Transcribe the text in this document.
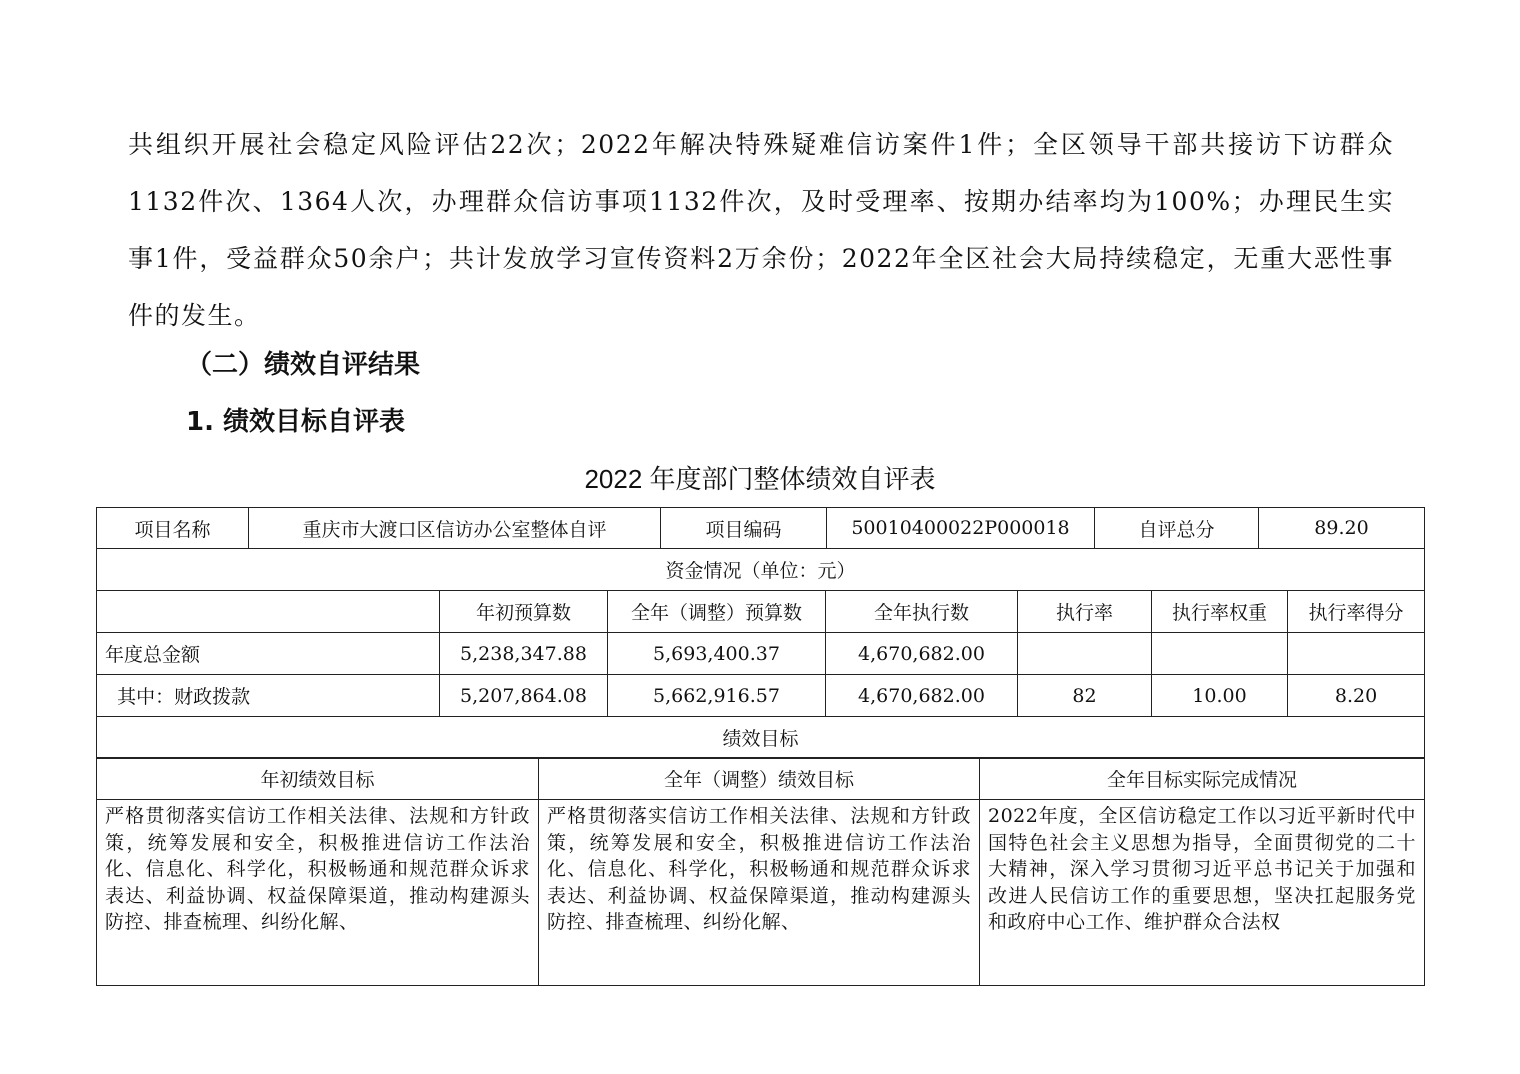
共组织开展社会稳定风险评估22次；2022年解决特殊疑难信访案件1件；全区领导干部共接访下访群众1132件次、1364人次，办理群众信访事项1132件次，及时受理率、按期办结率均为100%；办理民生实事1件，受益群众50余户；共计发放学习宣传资料2万余份；2022年全区社会大局持续稳定，无重大恶性事件的发生。

（二）绩效自评结果

1. 绩效目标自评表

2022 年度部门整体绩效自评表

项目名称	重庆市大渡口区信访办公室整体自评	项目编码	50010400022P000018	自评总分	89.20
资金情况（单位：元）						
	年初预算数	全年（调整）预算数	全年执行数	执行率	执行率权重	执行率得分
年度总金额	5,238,347.88	5,693,400.37	4,670,682.00			
其中：财政拨款	5,207,864.08	5,662,916.57	4,670,682.00	82	10.00	8.20
绩效目标						
年初绩效目标	全年（调整）绩效目标	全年目标实际完成情况
严格贯彻落实信访工作相关法律、法规和方针政策，统筹发展和安全，积极推进信访工作法治化、信息化、科学化，积极畅通和规范群众诉求表达、利益协调、权益保障渠道，推动构建源头防控、排查梳理、纠纷化解、	严格贯彻落实信访工作相关法律、法规和方针政策，统筹发展和安全，积极推进信访工作法治化、信息化、科学化，积极畅通和规范群众诉求表达、利益协调、权益保障渠道，推动构建源头防控、排查梳理、纠纷化解、	2022年度，全区信访稳定工作以习近平新时代中国特色社会主义思想为指导，全面贯彻党的二十大精神，深入学习贯彻习近平总书记关于加强和改进人民信访工作的重要思想，坚决扛起服务党和政府中心工作、维护群众合法权
